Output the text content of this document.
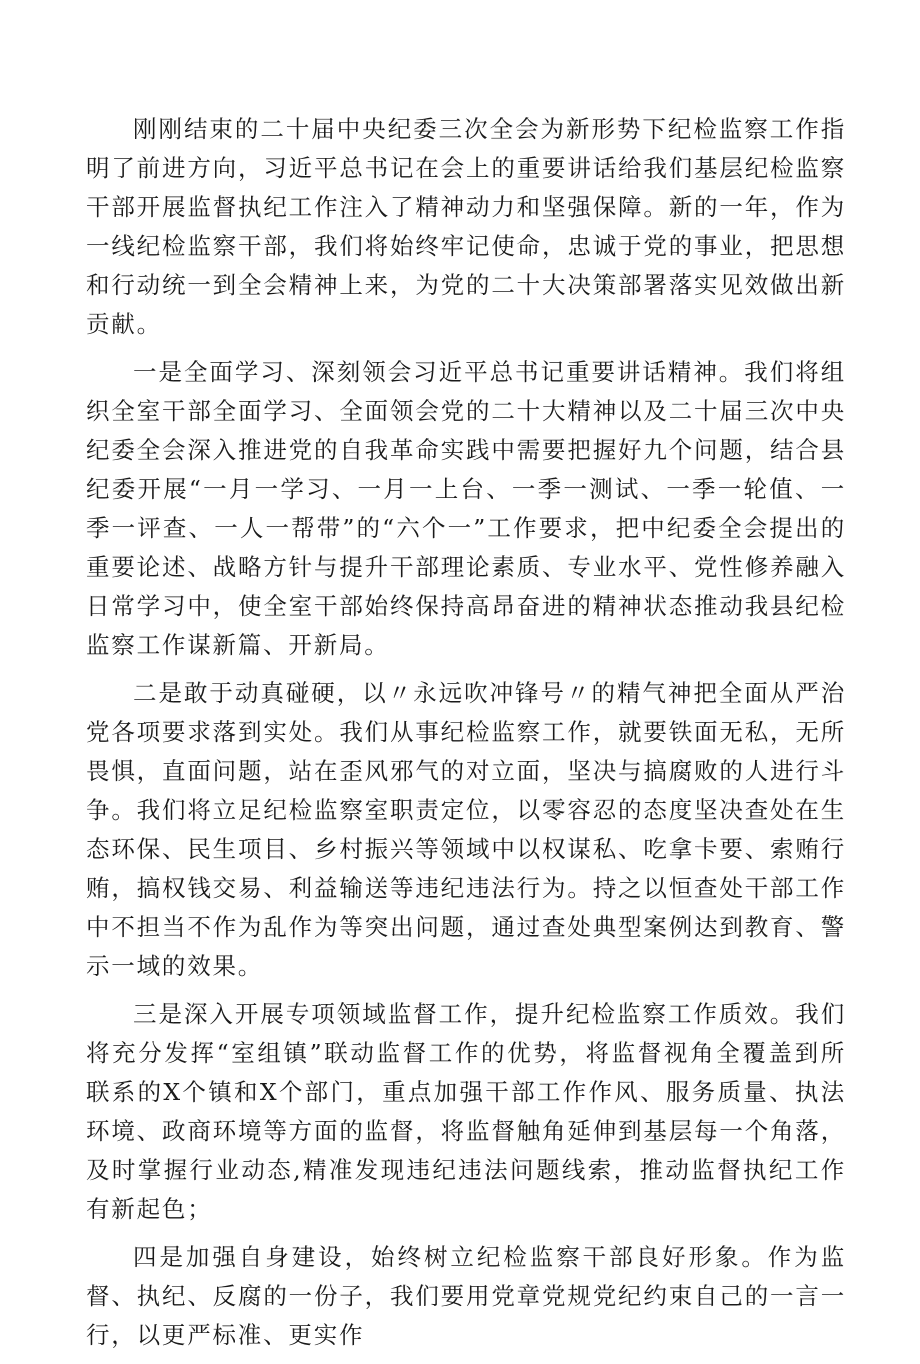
刚刚结束的二十届中央纪委三次全会为新形势下纪检监察工作指明了前进方向，习近平总书记在会上的重要讲话给我们基层纪检监察干部开展监督执纪工作注入了精神动力和坚强保障。新的一年，作为一线纪检监察干部，我们将始终牢记使命，忠诚于党的事业，把思想和行动统一到全会精神上来，为党的二十大决策部署落实见效做出新贡献。

一是全面学习、深刻领会习近平总书记重要讲话精神。我们将组织全室干部全面学习、全面领会党的二十大精神以及二十届三次中央纪委全会深入推进党的自我革命实践中需要把握好九个问题，结合县纪委开展“一月一学习、一月一上台、一季一测试、一季一轮值、一季一评查、一人一帮带”的“六个一”工作要求，把中纪委全会提出的重要论述、战略方针与提升干部理论素质、专业水平、党性修养融入日常学习中，使全室干部始终保持高昂奋进的精神状态推动我县纪检监察工作谋新篇、开新局。

二是敢于动真碰硬，以〃永远吹冲锋号〃的精气神把全面从严治党各项要求落到实处。我们从事纪检监察工作，就要铁面无私，无所畏惧，直面问题，站在歪风邪气的对立面，坚决与搞腐败的人进行斗争。我们将立足纪检监察室职责定位，以零容忍的态度坚决查处在生态环保、民生项目、乡村振兴等领域中以权谋私、吃拿卡要、索贿行贿，搞权钱交易、利益输送等违纪违法行为。持之以恒查处干部工作中不担当不作为乱作为等突出问题，通过查处典型案例达到教育、警示一域的效果。

三是深入开展专项领域监督工作，提升纪检监察工作质效。我们将充分发挥“室组镇”联动监督工作的优势，将监督视角全覆盖到所联系的X个镇和X个部门，重点加强干部工作作风、服务质量、执法环境、政商环境等方面的监督，将监督触角延伸到基层每一个角落，及时掌握行业动态,精准发现违纪违法问题线索，推动监督执纪工作有新起色；

四是加强自身建设，始终树立纪检监察干部良好形象。作为监督、执纪、反腐的一份子，我们要用党章党规党纪约束自己的一言一行，以更严标准、更实作
